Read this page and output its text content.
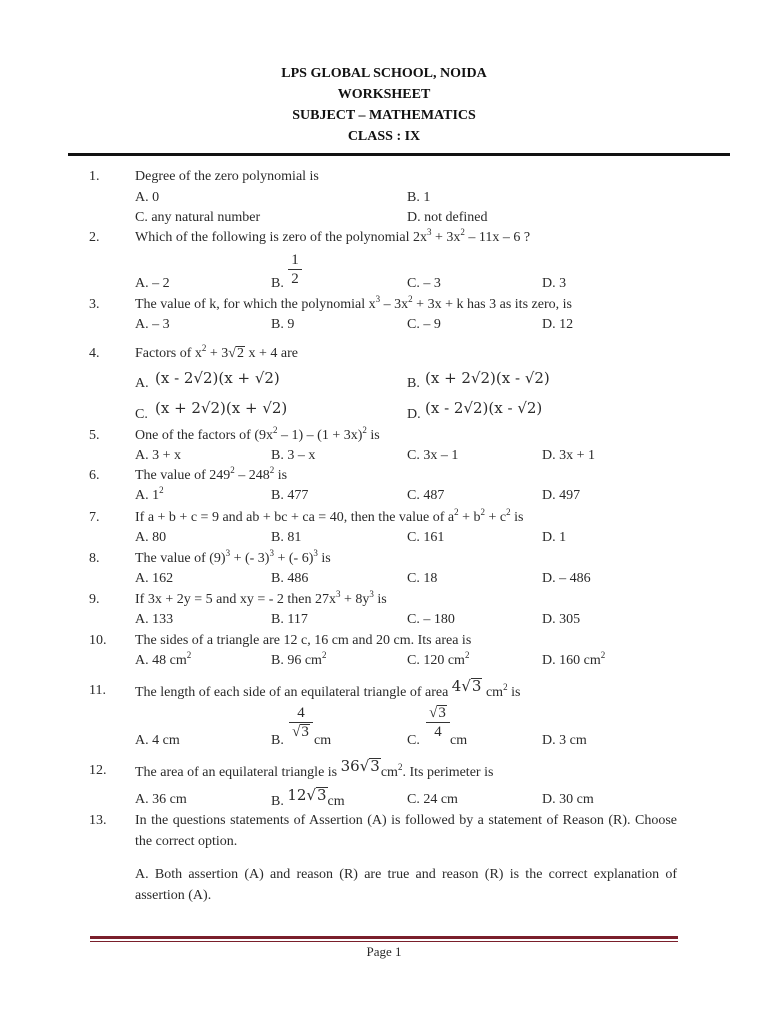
LPS GLOBAL SCHOOL, NOIDA
WORKSHEET
SUBJECT – MATHEMATICS
CLASS : IX
1.	Degree of the zero polynomial is
A. 0	B. 1
C. any natural number	D. not defined
2.	Which of the following is zero of the polynomial $2x^3 + 3x^2 - 11x - 6$ ?
A. – 2	B.
1
2	C. – 3	D. 3
3.	The value of k, for which the polynomial $x^3 - 3x^2 + 3x + k$ has 3 as its zero, is
A. – 3	B. 9	C. – 9	D. 12
4.	Factors of $x^2 + 3√2$ x + 4 are
A. (x - 2√2)(x + √2)	B. (x + 2√2)(x - √2)
C. (x + 2√2)(x + √2)	D. (x - 2√2)(x - √2)
5.	One of the factors of $(9x^2 - 1) - (1 + 3x)^2$ is
A. 3 + x	B. 3 – x	C. 3x – 1	D. 3x + 1
6.	The value of $249^2 - 248^2$ is
A. $1^2$	B. 477	C. 487	D. 497
7.	If a + b + c = 9 and ab + bc + ca = 40, then the value of $a^2 + b^2 + c^2$ is
A. 80	B. 81	C. 161	D. 1
8.	The value of $(9)^3$ + (- 3)$^3$ + (- 6)$^3$ is
A. 162	B. 486	C. 18	D. – 486
9.	If 3x + 2y = 5 and xy = - 2 then $27x^3 + 8y^3$ is
A. 133	B. 117	C. – 180	D. 305
10. The sides of a triangle are 12 c, 16 cm and 20 cm. Its area is
A. 48 $cm^2$	B. 96 $cm^2$	C. 120 $cm^2$	D. 160 $cm^2$
11. The length of each side of an equilateral triangle of area 4√3 $cm^2$ is
A. 4 cm	B.
4
√3
cm	C.
√3
4
cm	D. 3 cm
12. The area of an equilateral triangle is $36√3cm^2$. Its perimeter is
A. 36 cm	B. 12√3cm	C. 24 cm	D. 30 cm
13. In the questions statements of Assertion (A) is followed by a statement of Reason (R). Choose the correct option.
A. Both assertion (A) and reason (R) are true and reason (R) is the correct explanation of assertion (A).
Page 1
